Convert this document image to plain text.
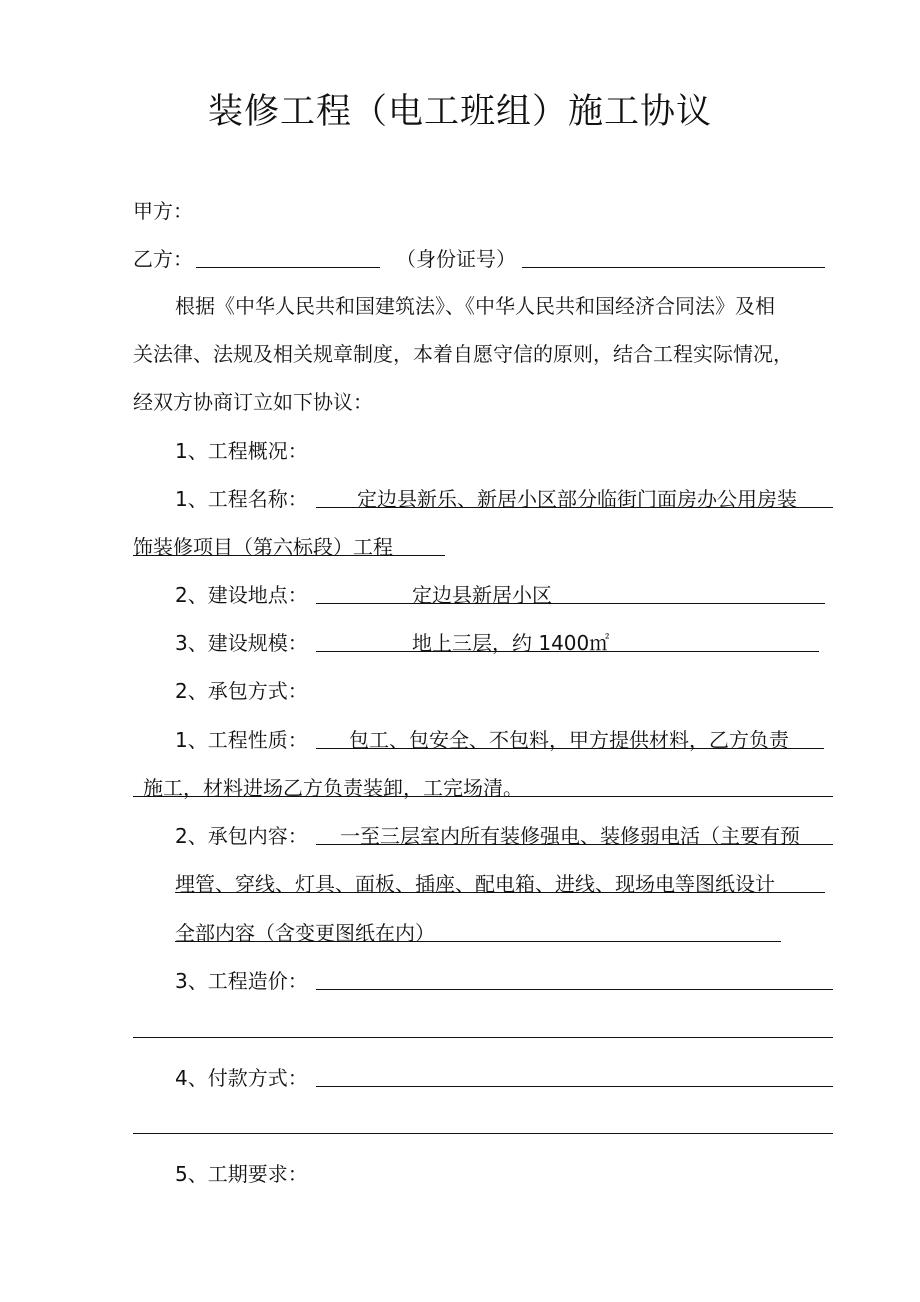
装修工程（电工班组）施工协议
甲方：
乙方：	（身份证号）
根据《中华人民共和国建筑法》、《中华人民共和国经济合同法》及相
关法律、法规及相关规章制度，本着自愿守信的原则，结合工程实际情况，
经双方协商订立如下协议：
1、工程概况：
1、工程名称： 定边县新乐、新居小区部分临街门面房办公用房装
饰装修项目（第六标段）工程
2、建设地点：	定边县新居小区
3、建设规模：	地上三层，约 1400㎡
2、承包方式：
1、工程性质： 包工、包安全、不包料，甲方提供材料，乙方负责
施工，材料进场乙方负责装卸，工完场清。
2、承包内容： 一至三层室内所有装修强电、装修弱电活（主要有预
埋管、穿线、灯具、面板、插座、配电箱、进线、现场电等图纸设计
全部内容（含变更图纸在内）
3、工程造价：
4、付款方式：
5、工期要求：
